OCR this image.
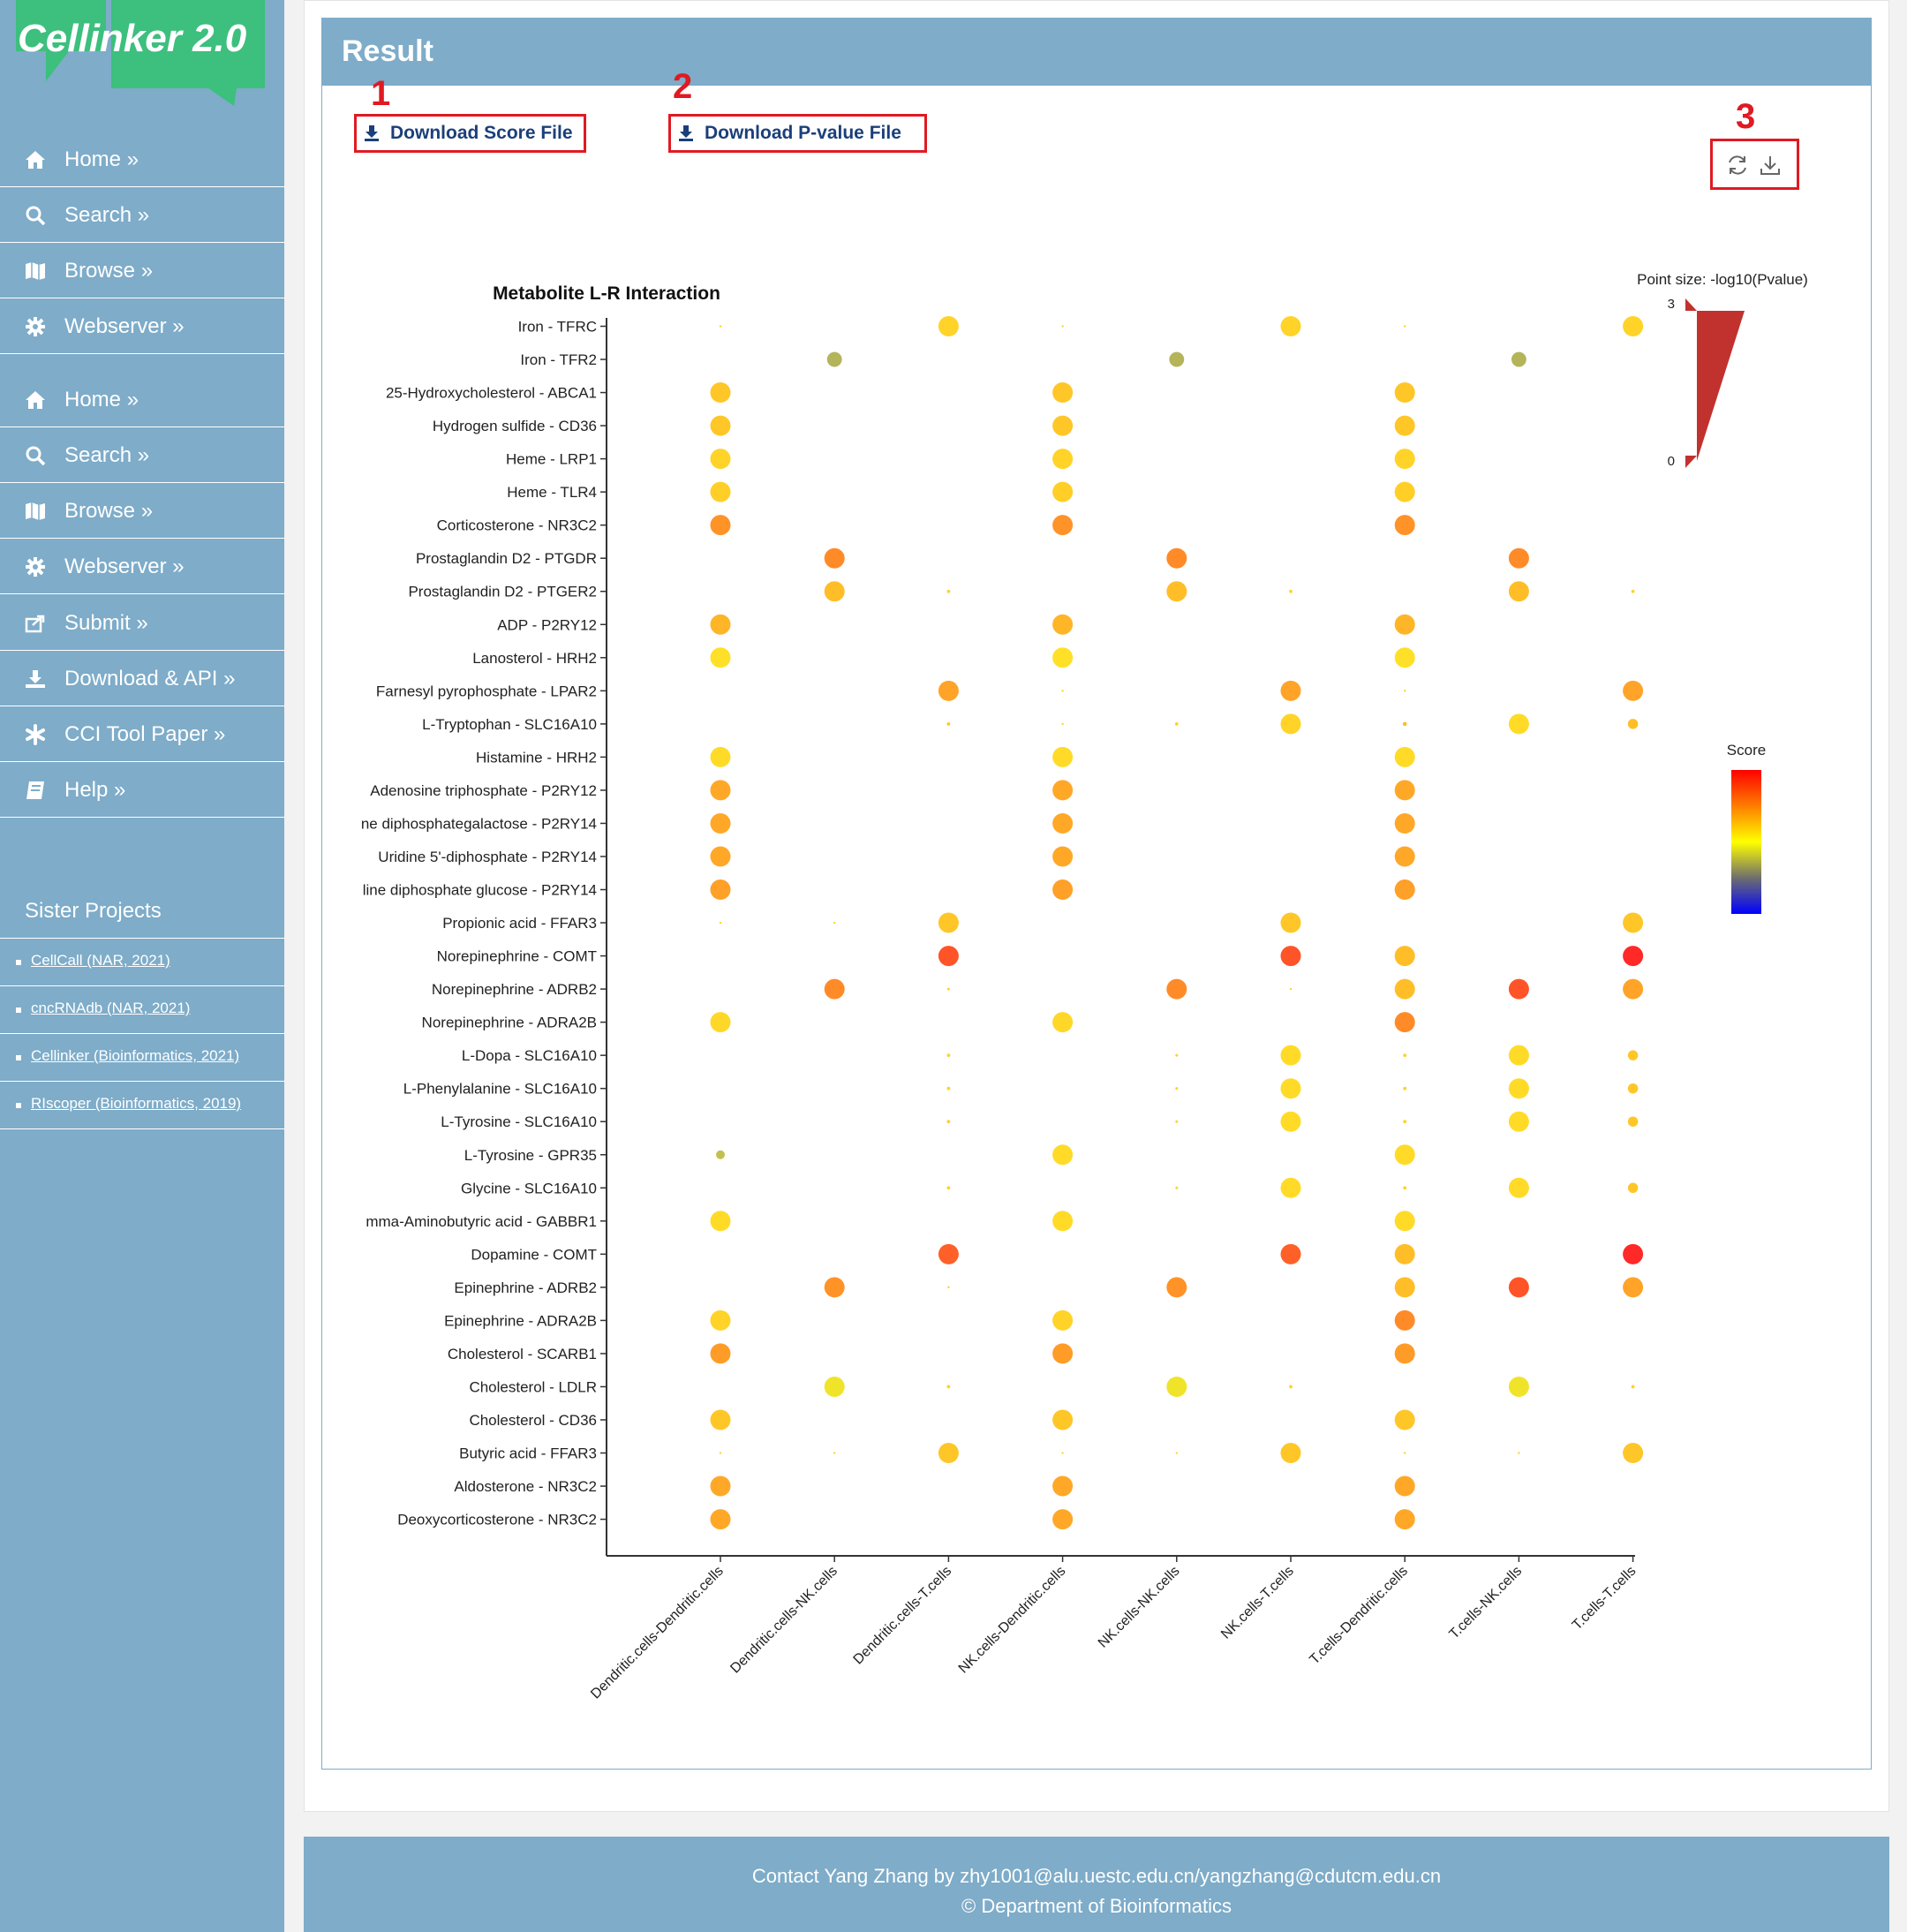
Cellinker 2.0
Home »
Search »
Browse »
Webserver »
Home »
Search »
Browse »
Webserver »
Submit »
Download & API »
CCI Tool Paper »
Help »
Sister Projects
CellCall (NAR, 2021)
cncRNAdb (NAR, 2021)
Cellinker (Bioinformatics, 2021)
RIscoper (Bioinformatics, 2019)
Result
1	2
3
Download Score File	Download P-value File
Metabolite L-R Interaction
Point size: -log10(Pvalue)
3
0
Score
Iron - TFRC
Iron - TFR2
25-Hydroxycholesterol - ABCA1
Hydrogen sulfide - CD36
Heme - LRP1
Heme - TLR4
Corticosterone - NR3C2
Prostaglandin D2 - PTGDR
Prostaglandin D2 - PTGER2
ADP - P2RY12
Lanosterol - HRH2
Farnesyl pyrophosphate - LPAR2
L-Tryptophan - SLC16A10
Histamine - HRH2
Adenosine triphosphate - P2RY12
ne diphosphategalactose - P2RY14
Uridine 5'-diphosphate - P2RY14
line diphosphate glucose - P2RY14
Propionic acid - FFAR3
Norepinephrine - COMT
Norepinephrine - ADRB2
Norepinephrine - ADRA2B
L-Dopa - SLC16A10
L-Phenylalanine - SLC16A10
L-Tyrosine - SLC16A10
L-Tyrosine - GPR35
Glycine - SLC16A10
mma-Aminobutyric acid - GABBR1
Dopamine - COMT
Epinephrine - ADRB2
Epinephrine - ADRA2B
Cholesterol - SCARB1
Cholesterol - LDLR
Cholesterol - CD36
Butyric acid - FFAR3
Aldosterone - NR3C2
Deoxycorticosterone - NR3C2
Dendritic.cells-Dendritic.cells Dendritic.cells-NK.cells Dendritic.cells-T.cells NK.cells-Dendritic.cells NK.cells-NK.cells	NK.cells-T.cells T.cells-Dendritic.cells	T.cells-NK.cells	T.cells-T.cells
Contact Yang Zhang by zhy1001@alu.uestc.edu.cn/yangzhang@cdutcm.edu.cn
© Department of Bioinformatics
